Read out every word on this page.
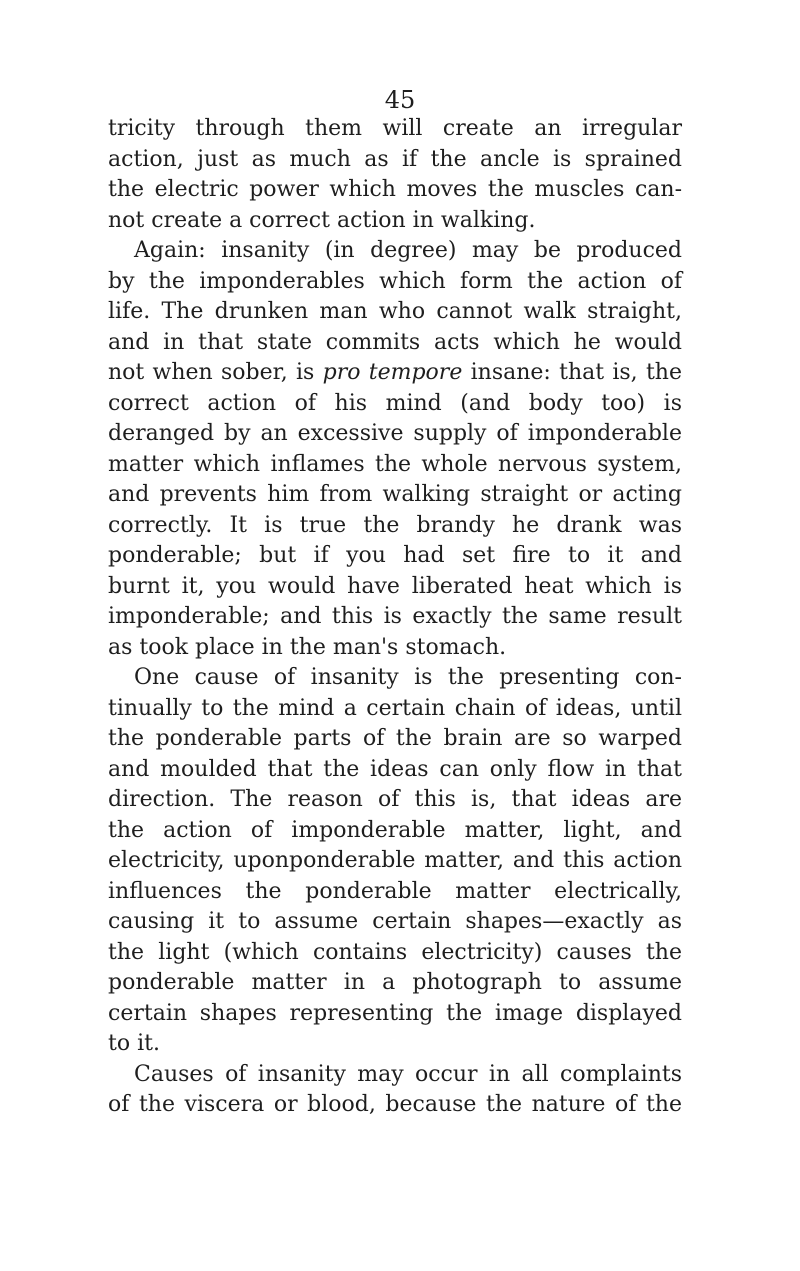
45
tricity through them will create an irregular
action, just as much as if the ancle is sprained
the electric power which moves the muscles can-
not create a correct action in walking.
Again: insanity (in degree) may be produced
by the imponderables which form the action of
life. The drunken man who cannot walk straight,
and in that state commits acts which he would
not when sober, is pro tempore insane: that is, the
correct action of his mind (and body too) is
deranged by an excessive supply of imponderable
matter which inflames the whole nervous system,
and prevents him from walking straight or acting
correctly. It is true the brandy he drank was
ponderable; but if you had set fire to it and
burnt it, you would have liberated heat which is
imponderable; and this is exactly the same result
as took place in the man's stomach.
One cause of insanity is the presenting con-
tinually to the mind a certain chain of ideas, until
the ponderable parts of the brain are so warped
and moulded that the ideas can only flow in that
direction. The reason of this is, that ideas are
the action of imponderable matter, light, and
electricity, uponponderable matter, and this action
influences the ponderable matter electrically,
causing it to assume certain shapes—exactly as
the light (which contains electricity) causes the
ponderable matter in a photograph to assume
certain shapes representing the image displayed
to it.
Causes of insanity may occur in all complaints
of the viscera or blood, because the nature of the
